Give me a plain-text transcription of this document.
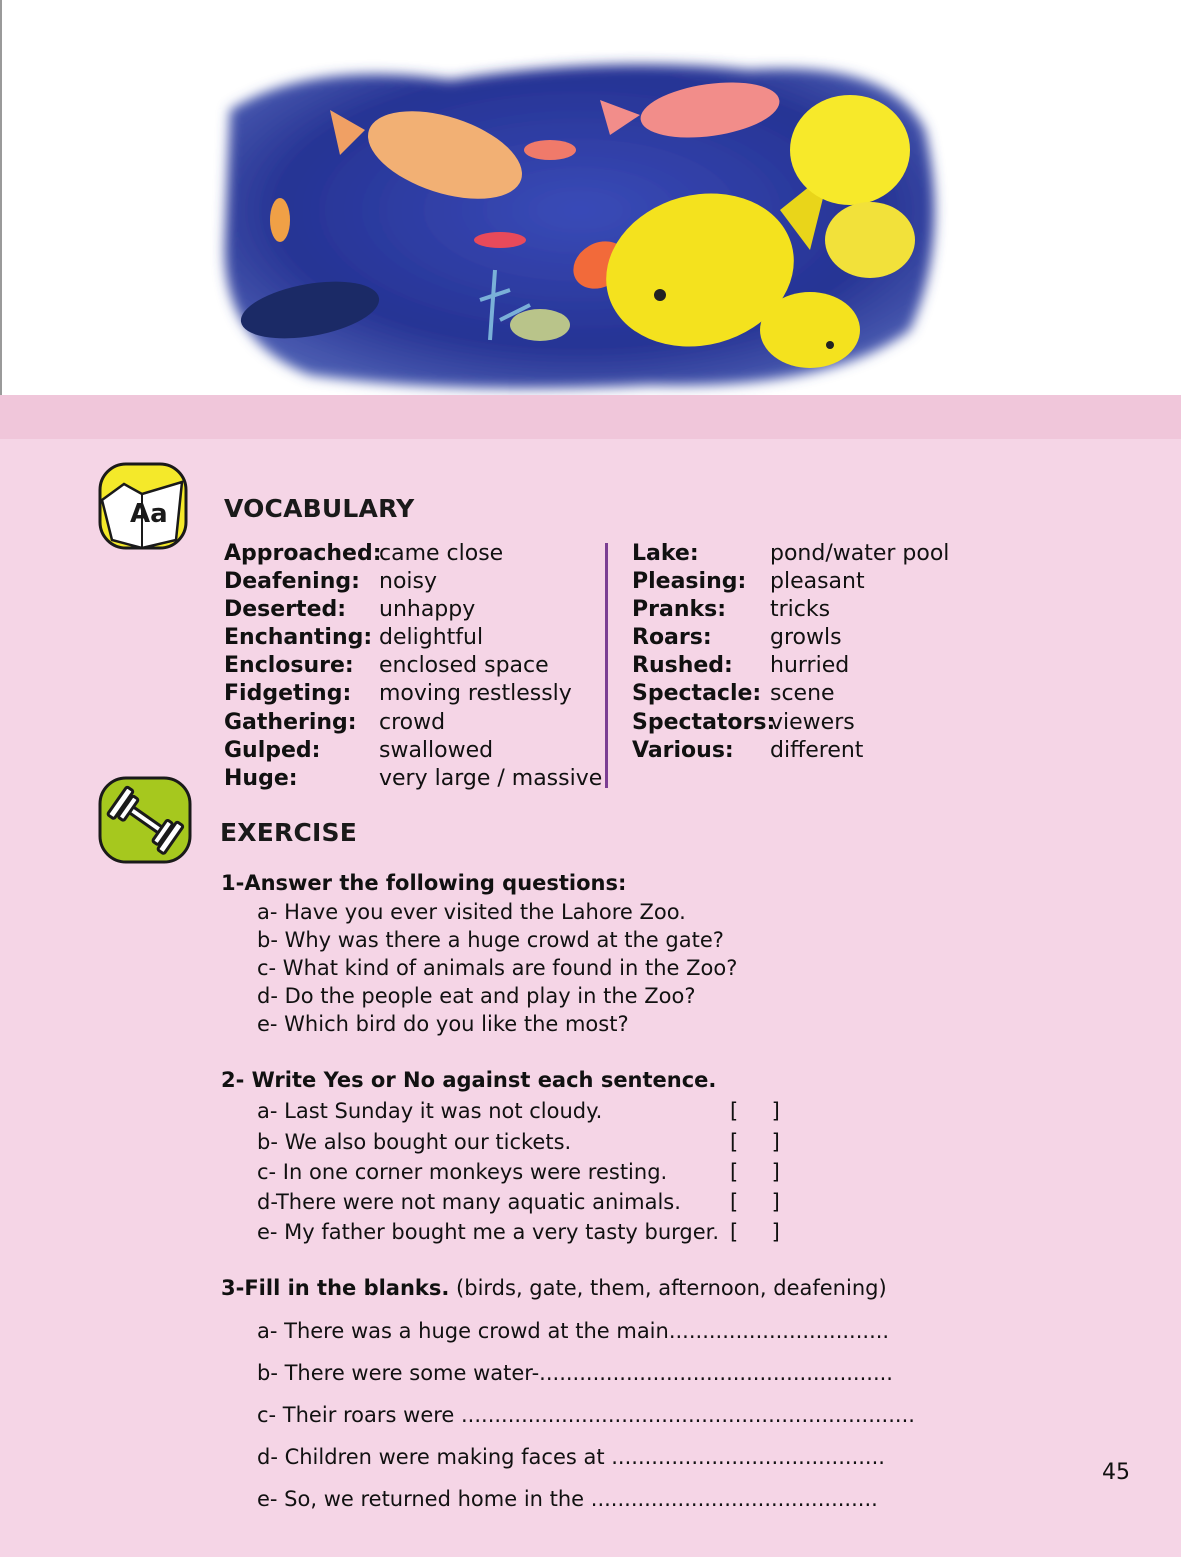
Aa VOCABULARY
Approached:
came close
Deafening: noisy
Deserted: unhappy
Enchanting: delightful
Enclosure: enclosed space
Fidgeting: moving restlessly
Gathering: crowd
Gulped:	swallowed
Huge:	very large / massive
Lake:	pond/water pool
Pleasing: pleasant
Pranks: tricks
Roars:	growls
Rushed: hurried
Spectacle: scene
Spectators:
viewers
Various: different
EXERCISE
1-Answer the following questions:
a- Have you ever visited the Lahore Zoo.
b- Why was there a huge crowd at the gate?
c- What kind of animals are found in the Zoo?
d- Do the people eat and play in the Zoo?
e- Which bird do you like the most?
2- Write Yes or No against each sentence.
a- Last Sunday it was not cloudy.	[     ]
b- We also bought our tickets.	[     ]
c- In one corner monkeys were resting.	[     ]
d-There were not many aquatic animals. [     ]
e- My father bought me a very tasty burger. [     ]
3-Fill in the blanks. (birds, gate, them, afternoon, deafening)
a- There was a huge crowd at the main.................................
b- There were some water-.....................................................
c- Their roars were ....................................................................
d- Children were making faces at .........................................
e- So, we returned home in the ...........................................
45
